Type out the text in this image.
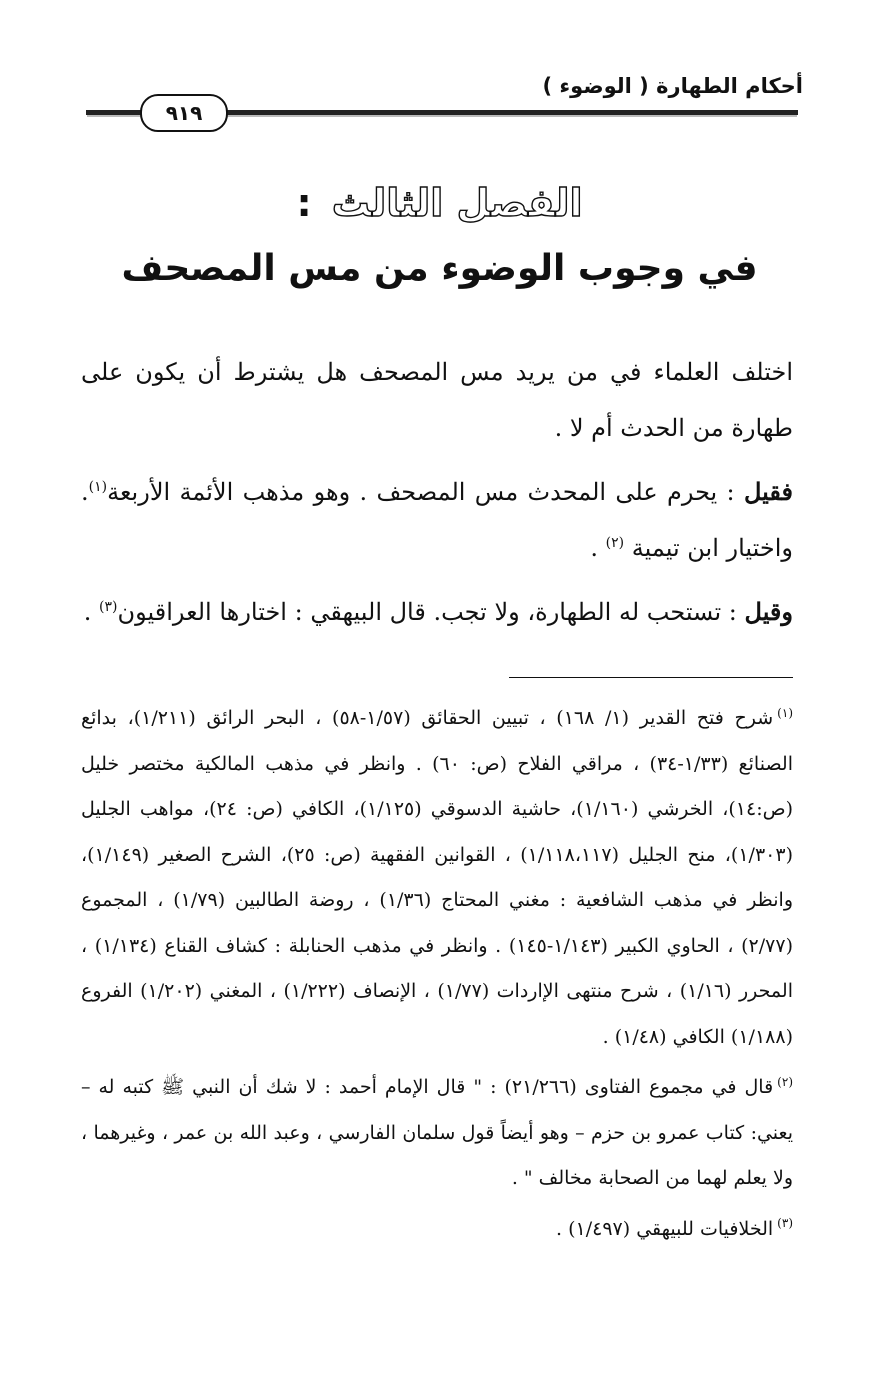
أحكام الطهارة ( الوضوء )
٩١٩
الفصل الثالث :
في وجوب الوضوء من مس المصحف

اختلف العلماء في من يريد مس المصحف هل يشترط أن يكون على طهارة من الحدث أم لا .

فقيل : يحرم على المحدث مس المصحف . وهو مذهب الأئمة الأربعة$^{(١)}$. واختيار ابن تيمية $^{(٢)}$ .

وقيل : تستحب له الطهارة، ولا تجب. قال البيهقي : اختارها العراقيون$^{(٣)}$ .

$^{(١)}$شرح فتح القدير (١/ ١٦٨) ، تبيين الحقائق (١/٥٧-٥٨) ، البحر الرائق (١/٢١١)، بدائع الصنائع (١/٣٣-٣٤) ، مراقي الفلاح (ص: ٦٠) . وانظر في مذهب المالكية مختصر خليل (ص:١٤)، الخرشي (١/١٦٠)، حاشية الدسوقي (١/١٢٥)، الكافي (ص: ٢٤)، مواهب الجليل (١/٣٠٣)، منح الجليل (١/١١٨،١١٧) ، القوانين الفقهية (ص: ٢٥)، الشرح الصغير (١/١٤٩)، وانظر في مذهب الشافعية : مغني المحتاج (١/٣٦) ، روضة الطالبين (١/٧٩) ، المجموع (٢/٧٧) ، الحاوي الكبير (١/١٤٣-١٤٥) . وانظر في مذهب الحنابلة : كشاف القناع (١/١٣٤) ، المحرر (١/١٦) ، شرح منتهى الإاردات (١/٧٧) ، الإنصاف (١/٢٢٢) ، المغني (١/٢٠٢) الفروع (١/١٨٨) الكافي (١/٤٨) .

$^{(٢)}$قال في مجموع الفتاوى (٢١/٢٦٦) : " قال الإمام أحمد : لا شك أن النبي ﷺ كتبه له – يعني: كتاب عمرو بن حزم – وهو أيضاً قول سلمان الفارسي ، وعبد الله بن عمر ، وغيرهما ، ولا يعلم لهما من الصحابة مخالف " .

$^{(٣)}$الخلافيات للبيهقي (١/٤٩٧) .
